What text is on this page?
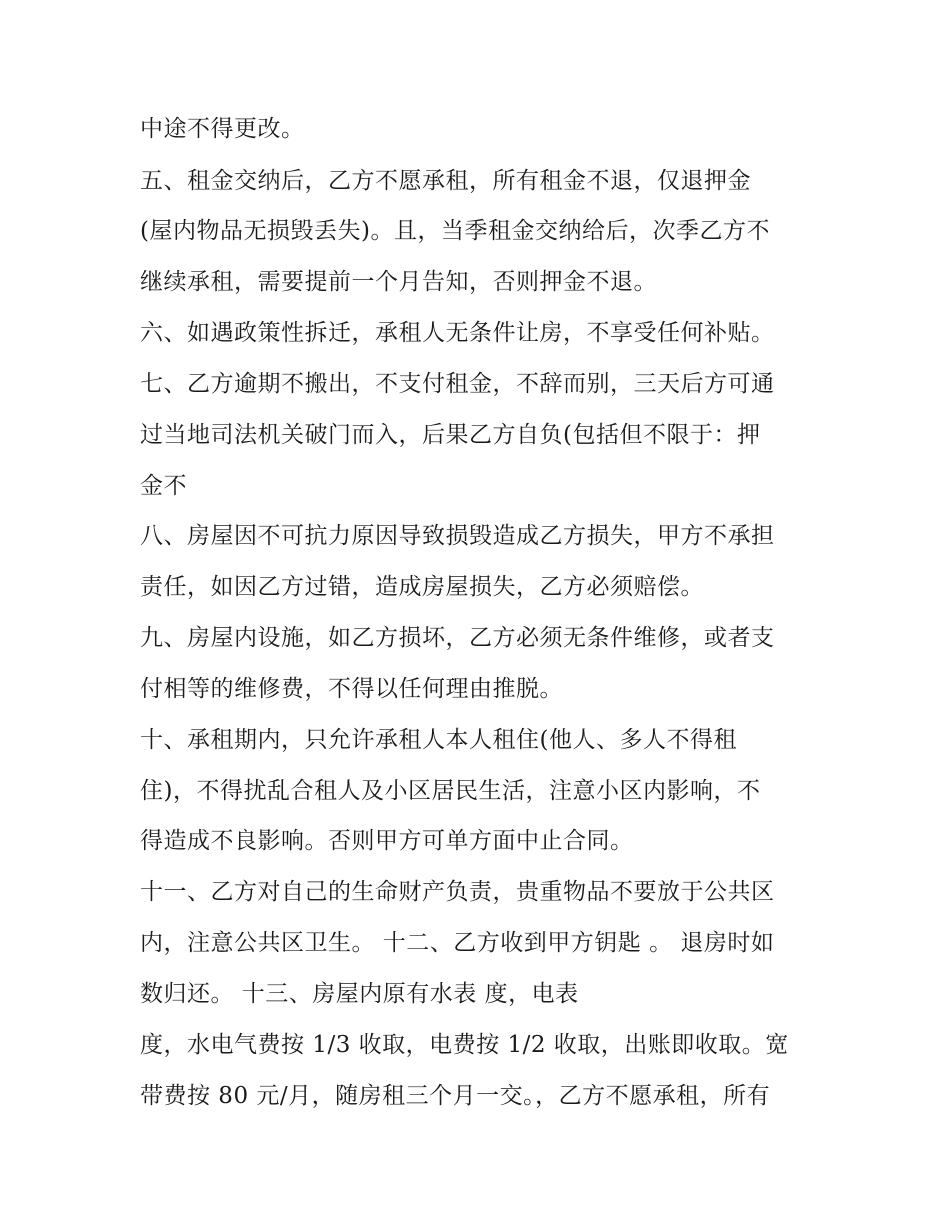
中途不得更改。
五、租金交纳后，乙方不愿承租，所有租金不退，仅退押金
(屋内物品无损毁丢失)。且，当季租金交纳给后，次季乙方不
继续承租，需要提前一个月告知，否则押金不退。
六、如遇政策性拆迁，承租人无条件让房，不享受任何补贴。
七、乙方逾期不搬出，不支付租金，不辞而别，三天后方可通
过当地司法机关破门而入，后果乙方自负(包括但不限于：押
金不
八、房屋因不可抗力原因导致损毁造成乙方损失，甲方不承担
责任，如因乙方过错，造成房屋损失，乙方必须赔偿。
九、房屋内设施，如乙方损坏，乙方必须无条件维修，或者支
付相等的维修费，不得以任何理由推脱。
十、承租期内，只允许承租人本人租住(他人、多人不得租
住)，不得扰乱合租人及小区居民生活，注意小区内影响，不
得造成不良影响。否则甲方可单方面中止合同。
十一、乙方对自己的生命财产负责，贵重物品不要放于公共区
内，注意公共区卫生。 十二、乙方收到甲方钥匙 。 退房时如
数归还。 十三、房屋内原有水表 度，电表
度，水电气费按 1/3 收取，电费按 1/2 收取，出账即收取。宽
带费按 80 元/月，随房租三个月一交。，乙方不愿承租，所有
